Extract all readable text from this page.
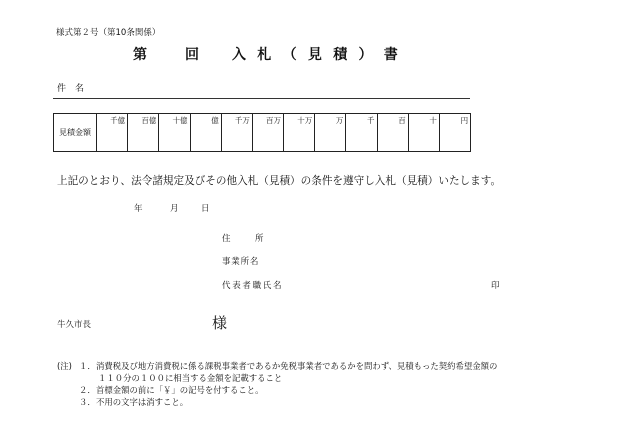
様式第２号（第10条関係）
第	回 入札（見積）書
件　名
見積金額
千億 百億 十億	億 千万 百万 十万	万	千	百	十	円
上記のとおり、法令諸規定及びその他入札（見積）の条件を遵守し入札（見積）いたします。
年	月	日
住　　所
事業所名
代表者職氏名	印
牛久市長	様
(注) １． 消費税及び地方消費税に係る課税事業者であるか免税事業者であるかを問わず、見積もった契約希望金額の
１１０分の１００に相当する金額を記載すること
２． 首標金額の前に「￥」の記号を付すること。
３． 不用の文字は消すこと。
